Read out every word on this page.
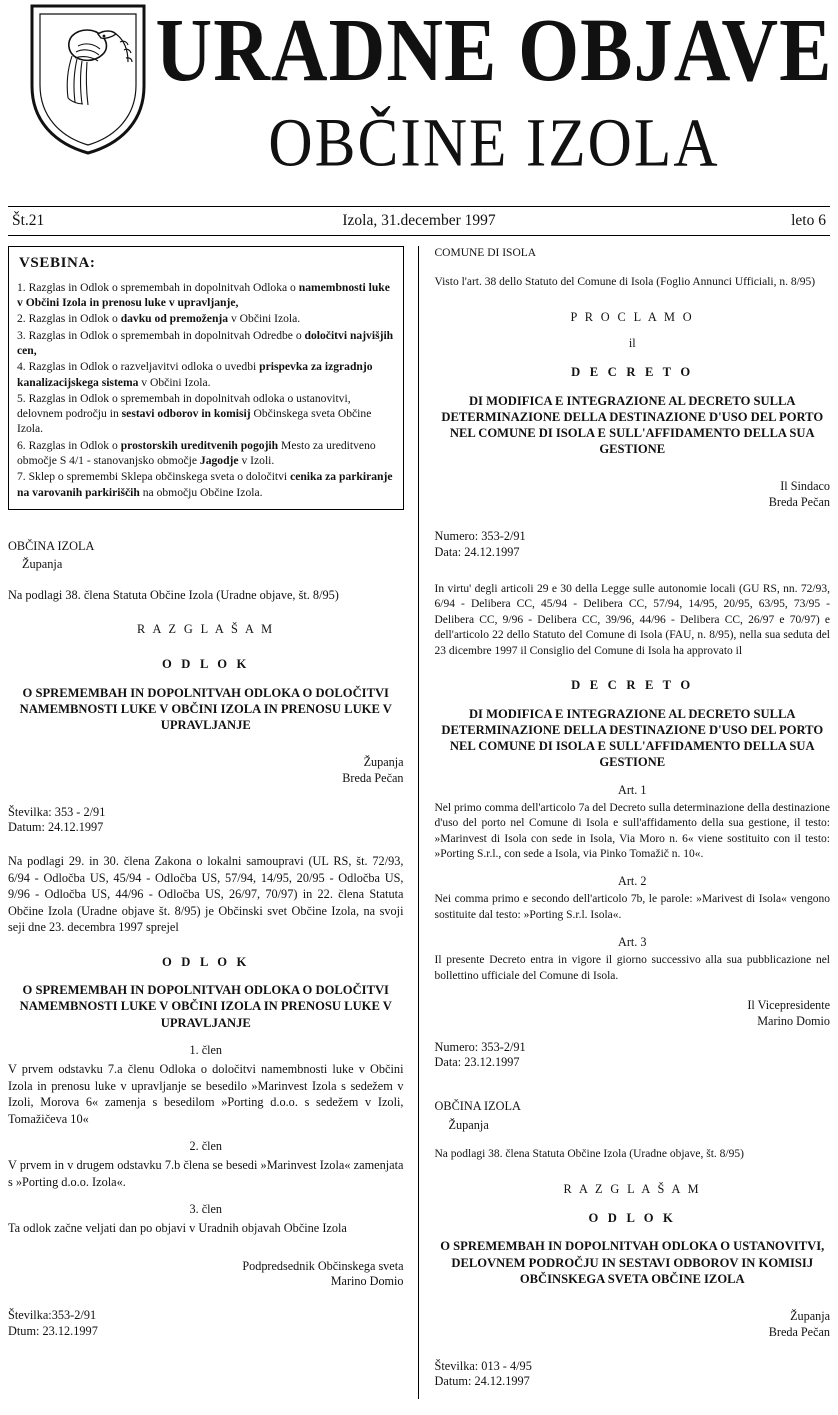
URADNE OBJAVE
OBČINE IZOLA
Št.21	Izola, 31.december 1997	leto 6
VSEBINA:

1. Razglas in Odlok o spremembah in dopolnitvah Odloka o namembnosti luke v Občini Izola in prenosu luke v upravljanje,

2. Razglas in Odlok o davku od premoženja v Občini Izola.

3. Razglas in Odlok o spremembah in dopolnitvah Odredbe o določitvi najvišjih cen,

4. Razglas in Odlok o razveljavitvi odloka o uvedbi prispevka za izgradnjo kanalizacijskega sistema v Občini Izola.

5. Razglas in Odlok o spremembah in dopolnitvah odloka o ustanovitvi, delovnem področju in sestavi odborov in komisij Občinskega sveta Občine Izola.

6. Razglas in Odlok o prostorskih ureditvenih pogojih Mesto za ureditveno območje S 4/1 - stanovanjsko območje Jagodje v Izoli.

7. Sklep o spremembi Sklepa občinskega sveta o določitvi cenika za parkiranje na varovanih parkiriščih na območju Občine Izola.

OBČINA IZOLA

Županja

Na podlagi 38. člena Statuta Občine Izola (Uradne objave, št. 8/95)

R A Z G L A Š A M

O D L O K

O SPREMEMBAH IN DOPOLNITVAH ODLOKA O DOLOČITVI NAMEMBNOSTI LUKE V OBČINI IZOLA IN PRENOSU LUKE V UPRAVLJANJE

Županja
Breda Pečan

Številka: 353 - 2/91

Datum: 24.12.1997

Na podlagi 29. in 30. člena Zakona o lokalni samoupravi (UL RS, št. 72/93, 6/94 - Odločba US, 45/94 - Odločba US, 57/94, 14/95, 20/95 - Odločba US, 9/96 - Odločba US, 44/96 - Odločba US, 26/97, 70/97) in 22. člena Statuta Občine Izola (Uradne objave št. 8/95) je Občinski svet Občine Izola, na svoji seji dne 23. decembra 1997 sprejel

O D L O K

O SPREMEMBAH IN DOPOLNITVAH ODLOKA O DOLOČITVI NAMEMBNOSTI LUKE V OBČINI IZOLA IN PRENOSU LUKE V UPRAVLJANJE

1. člen

V prvem odstavku 7.a členu Odloka o določitvi namembnosti luke v Občini Izola in prenosu luke v upravljanje se besedilo »Marinvest Izola s sedežem v Izoli, Morova 6« zamenja s besedilom »Porting d.o.o. s sedežem v Izoli, Tomažičeva 10«

2. člen

V prvem in v drugem odstavku 7.b člena se besedi »Marinvest Izola« zamenjata s »Porting d.o.o. Izola«.

3. člen

Ta odlok začne veljati dan po objavi v Uradnih objavah Občine Izola

Podpredsednik Občinskega sveta
Marino Domio

Številka:353-2/91

Dtum: 23.12.1997

COMUNE DI ISOLA

Visto l'art. 38 dello Statuto del Comune di Isola (Foglio Annunci Ufficiali, n. 8/95)

P R O C L A M O

il

D E C R E T O

DI MODIFICA E INTEGRAZIONE AL DECRETO SULLA DETERMINAZIONE DELLA DESTINAZIONE D'USO DEL PORTO NEL COMUNE DI ISOLA E SULL'AFFIDAMENTO DELLA SUA GESTIONE

Il Sindaco
Breda Pečan

Numero: 353-2/91

Data: 24.12.1997

In virtu' degli articoli 29 e 30 della Legge sulle autonomie locali (GU RS, nn. 72/93, 6/94 - Delibera CC, 45/94 - Delibera CC, 57/94, 14/95, 20/95, 63/95, 73/95 - Delibera CC, 9/96 - Delibera CC, 39/96, 44/96 - Delibera CC, 26/97 e 70/97) e dell'articolo 22 dello Statuto del Comune di Isola (FAU, n. 8/95), nella sua seduta del 23 dicembre 1997 il Consiglio del Comune di Isola ha approvato il

D E C R E T O

DI MODIFICA E INTEGRAZIONE AL DECRETO SULLA DETERMINAZIONE DELLA DESTINAZIONE D'USO DEL PORTO NEL COMUNE DI ISOLA E SULL'AFFIDAMENTO DELLA SUA GESTIONE

Art. 1

Nel primo comma dell'articolo 7a del Decreto sulla determinazione della destinazione d'uso del porto nel Comune di Isola e sull'affidamento della sua gestione, il testo: »Marinvest di Isola con sede in Isola, Via Moro n. 6« viene sostituito con il testo: »Porting S.r.l., con sede a Isola, via Pinko Tomažič n. 10«.

Art. 2

Nei comma primo e secondo dell'articolo 7b, le parole: »Marivest di Isola« vengono sostituite dal testo: »Porting S.r.l. Isola«.

Art. 3

Il presente Decreto entra in vigore il giorno successivo alla sua pubblicazione nel bollettino ufficiale del Comune di Isola.

Il Vicepresidente
Marino Domio

Numero: 353-2/91

Data: 23.12.1997

OBČINA IZOLA

Županja

Na podlagi 38. člena Statuta Občine Izola (Uradne objave, št. 8/95)

R A Z G L A Š A M

O D L O K

O SPREMEMBAH IN DOPOLNITVAH ODLOKA O USTANOVITVI, DELOVNEM PODROČJU IN SESTAVI ODBOROV IN KOMISIJ OBČINSKEGA SVETA OBČINE IZOLA

Županja
Breda Pečan

Številka: 013 - 4/95

Datum: 24.12.1997
